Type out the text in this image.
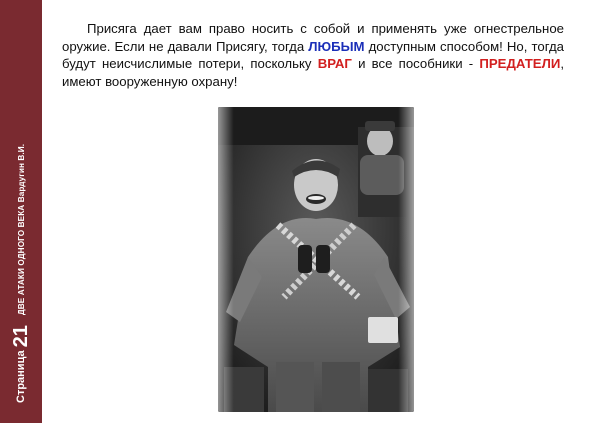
Страница
21
ДВЕ АТАКИ ОДНОГО ВЕКА Вардугин В.И.

Присяга дает вам право носить с собой и применять уже огнестрельное оружие. Если не давали Присягу, тогда ЛЮБЫМ доступным способом! Но, тогда будут неисчислимые потери, поскольку ВРАГ и все пособники - ПРЕДАТЕЛИ, имеют вооруженную охрану!
